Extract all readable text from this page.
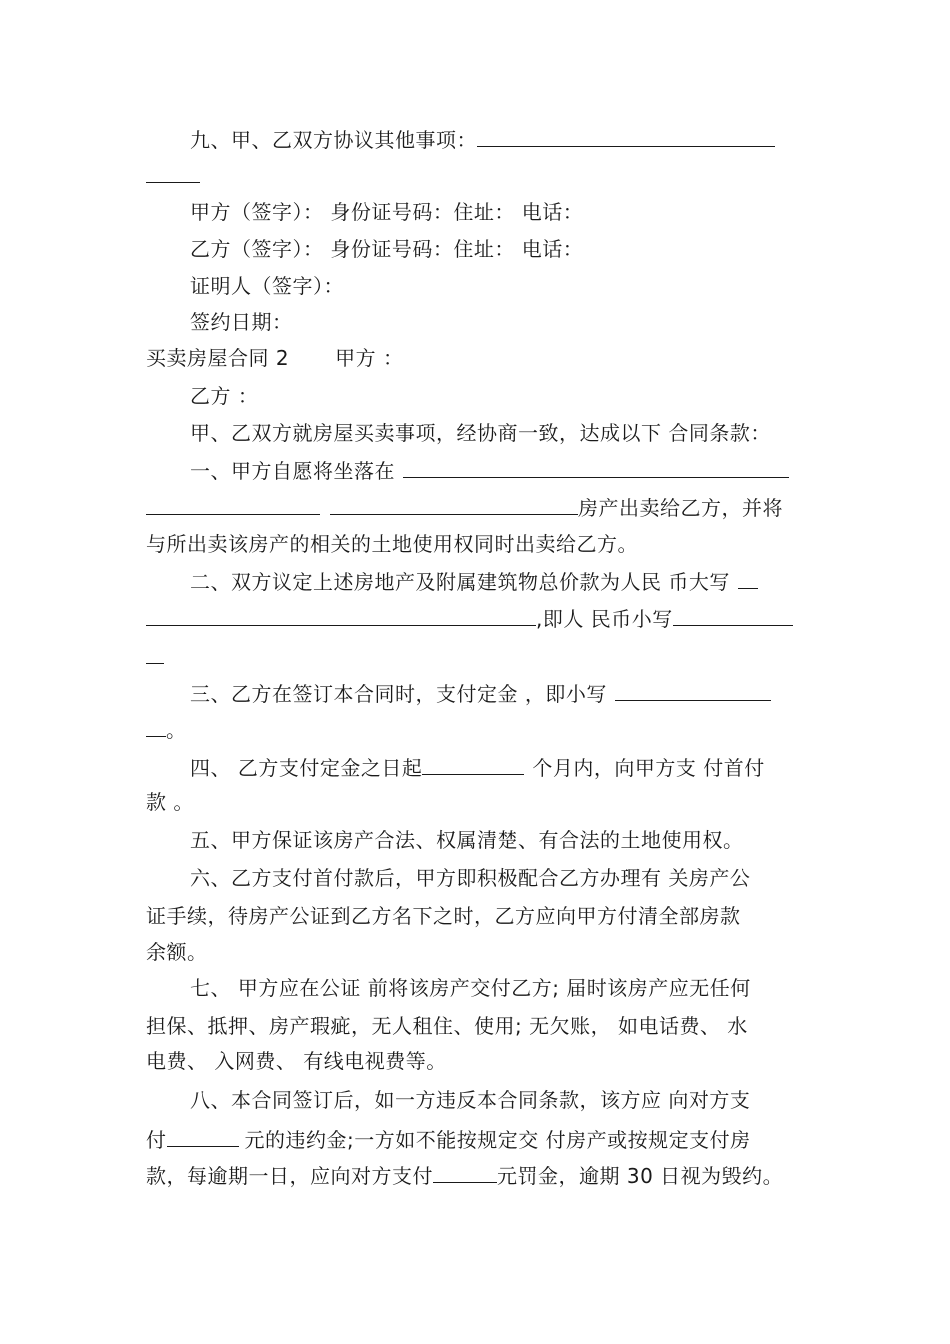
九、甲、乙双方协议其他事项：
甲方（签字）： 身份证号码：住址： 电话：
乙方（签字）： 身份证号码：住址： 电话：
证明人（签字）：
签约日期：
买卖房屋合同 2 甲方 ：
乙方 ：
甲、乙双方就房屋买卖事项，经协商一致，达成以下 合同条款：
一、甲方自愿将坐落在
房产出卖给乙方，并将
与所出卖该房产的相关的土地使用权同时出卖给乙方。
二、双方议定上述房地产及附属建筑物总价款为人民 币大写
,即人 民币小写
三、乙方在签订本合同时，支付定金 ，即小写
。
四、 乙方支付定金之日起	个月内，向甲方支 付首付
款 。
五、甲方保证该房产合法、权属清楚、有合法的土地使用权。
六、乙方支付首付款后，甲方即积极配合乙方办理有 关房产公
证手续，待房产公证到乙方名下之时，乙方应向甲方付清全部房款
余额。
七、 甲方应在公证 前将该房产交付乙方; 届时该房产应无任何
担保、抵押、房产瑕疵，无人租住、使用; 无欠账， 如电话费、 水
电费、 入网费、 有线电视费等。
八、本合同签订后，如一方违反本合同条款，该方应 向对方支
付	元的违约金;一方如不能按规定交 付房产或按规定支付房
款，每逾期一日，应向对方支付	元罚金，逾期 30 日视为毁约。
